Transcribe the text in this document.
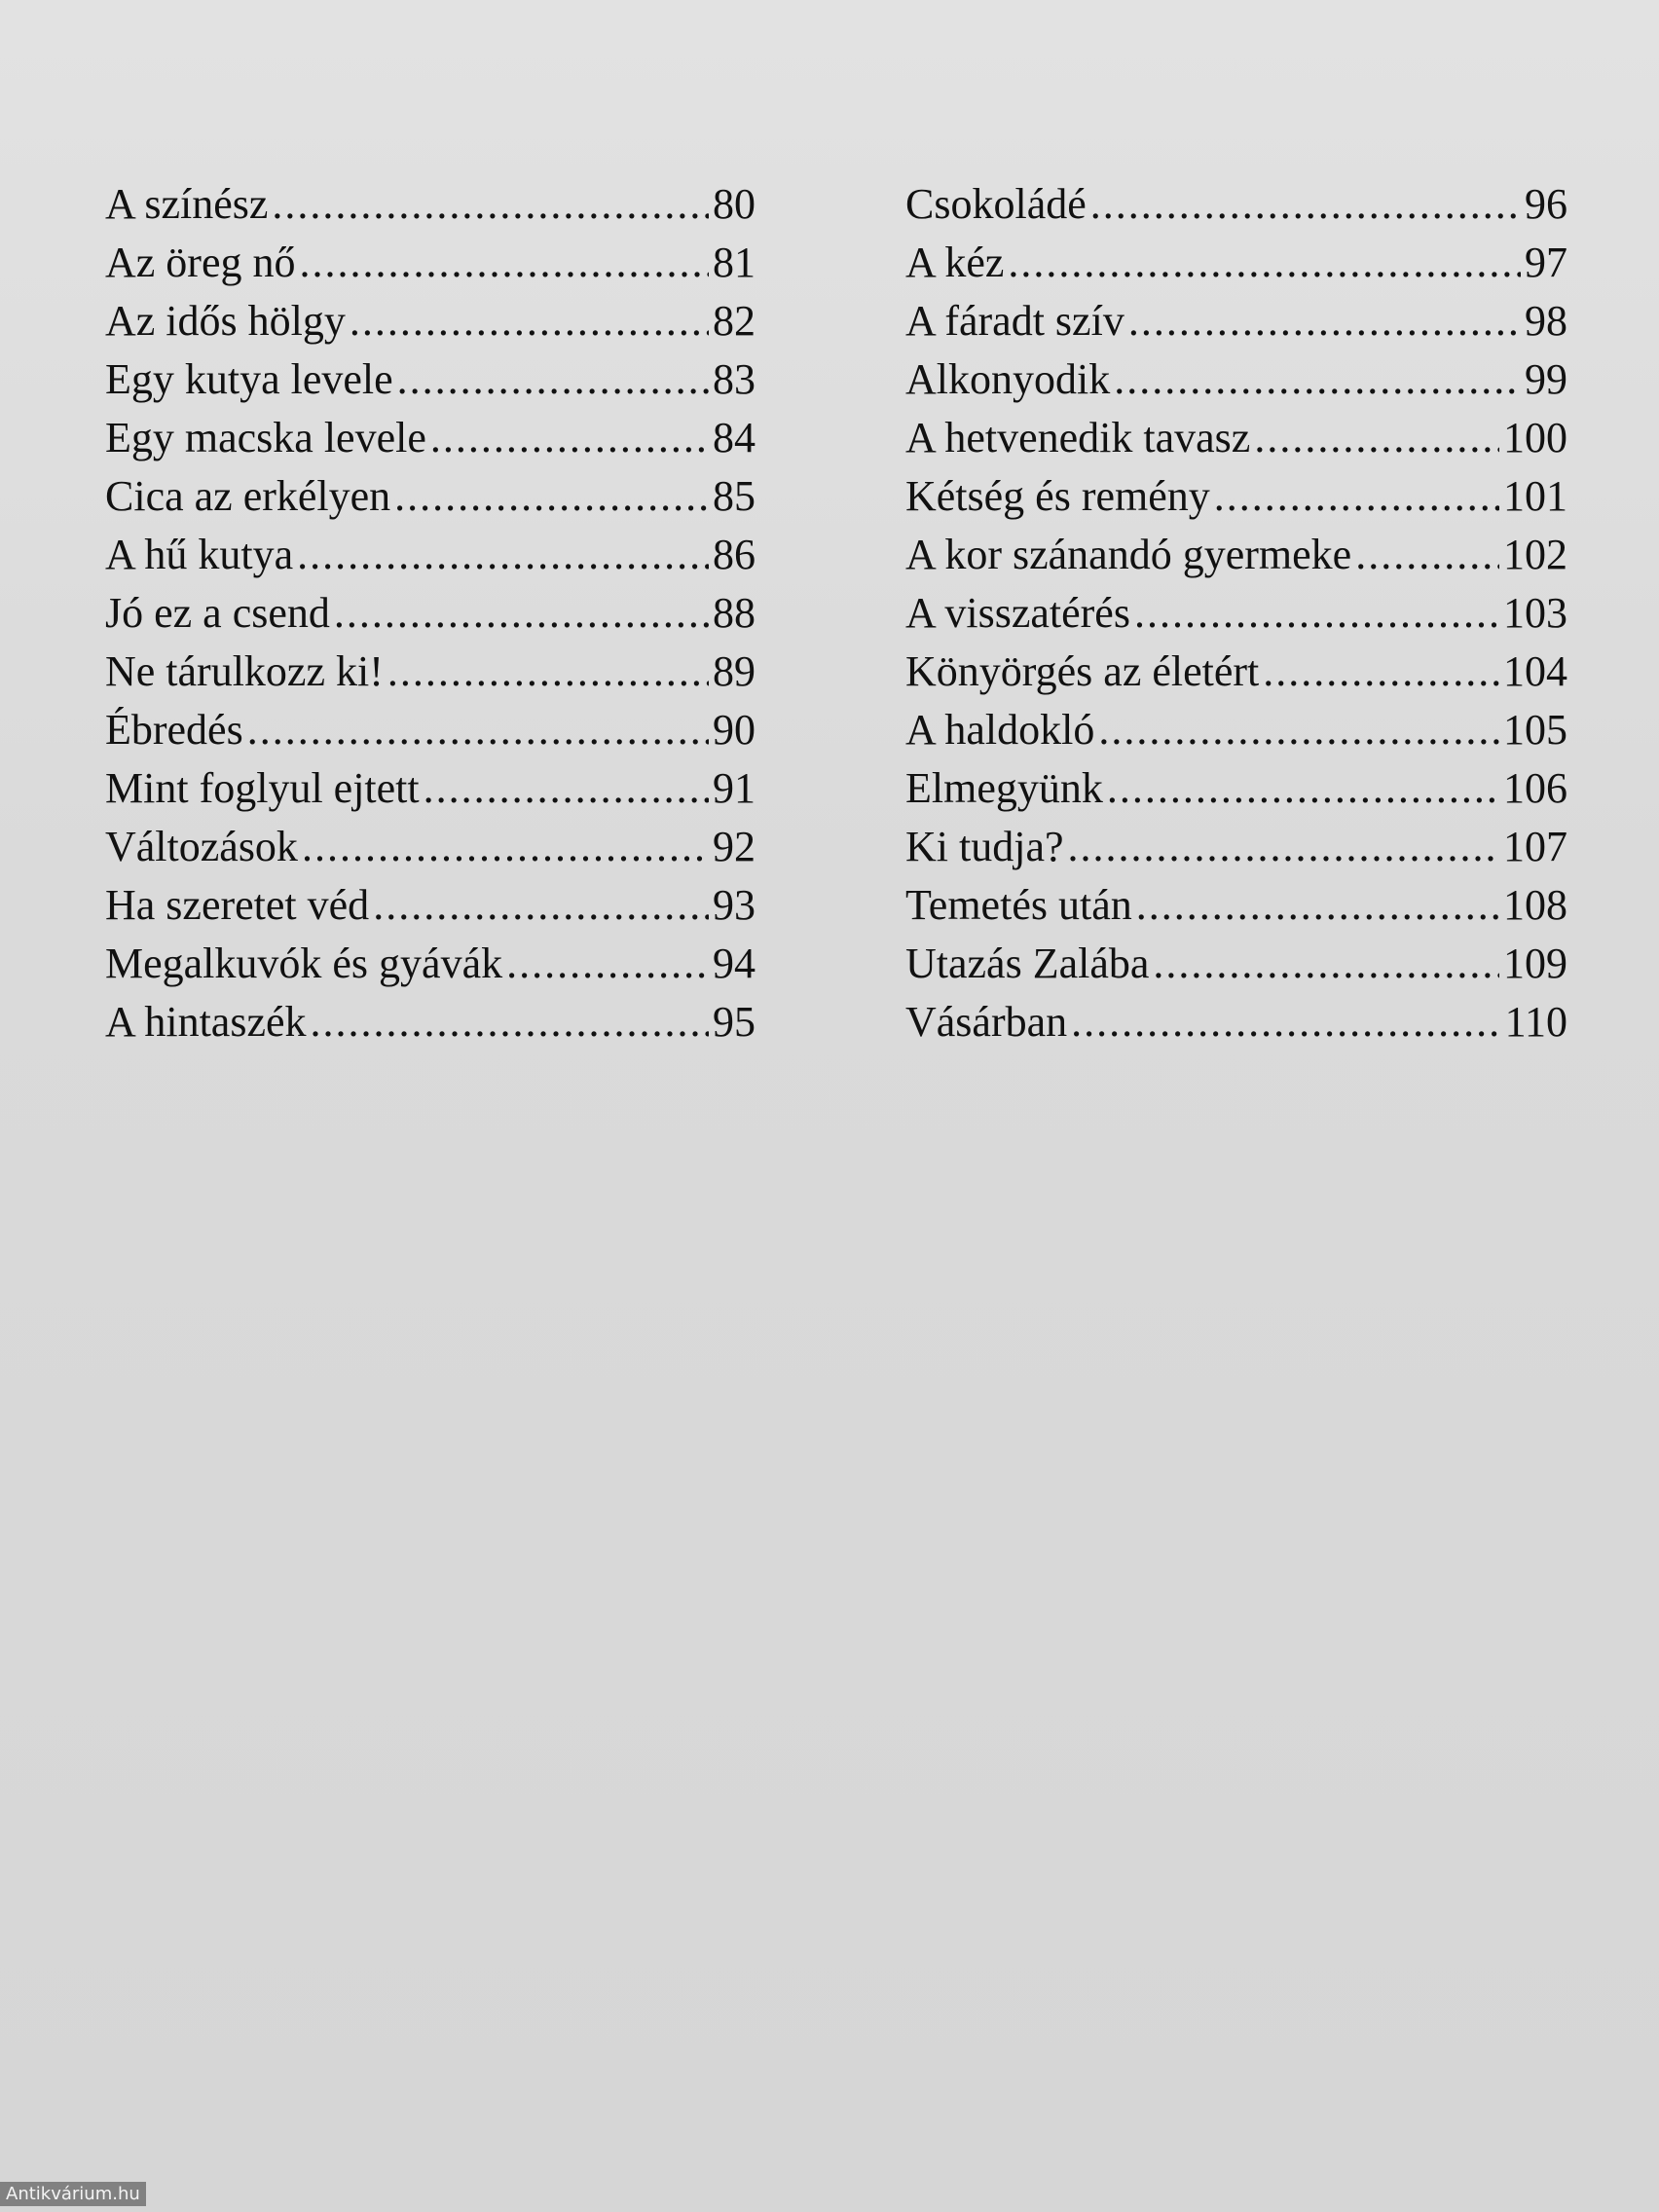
A színész .....	80
Az öreg nő .....	81
Az idős hölgy .....	82
Egy kutya levele .....	83
Egy macska levele .....	84
Cica az erkélyen .....	85
A hű kutya .....	86
Jó ez a csend .....	88
Ne tárulkozz ki! .....	89
Ébredés .....	90
Mint foglyul ejtett .....	91
Változások .....	92
Ha szeretet véd .....	93
Megalkuvók és gyávák .....	94
A hintaszék .....	95
Csokoládé .....	96
A kéz .....	97
A fáradt szív .....	98
Alkonyodik .....	99
A hetvenedik tavasz .....	100
Kétség és remény .....	101
A kor szánandó gyermeke .....	102
A visszatérés .....	103
Könyörgés az életért .....	104
A haldokló .....	105
Elmegyünk .....	106
Ki tudja? .....	107
Temetés után .....	108
Utazás Zalába .....	109
Vásárban .....	110
Antikvárium.hu
